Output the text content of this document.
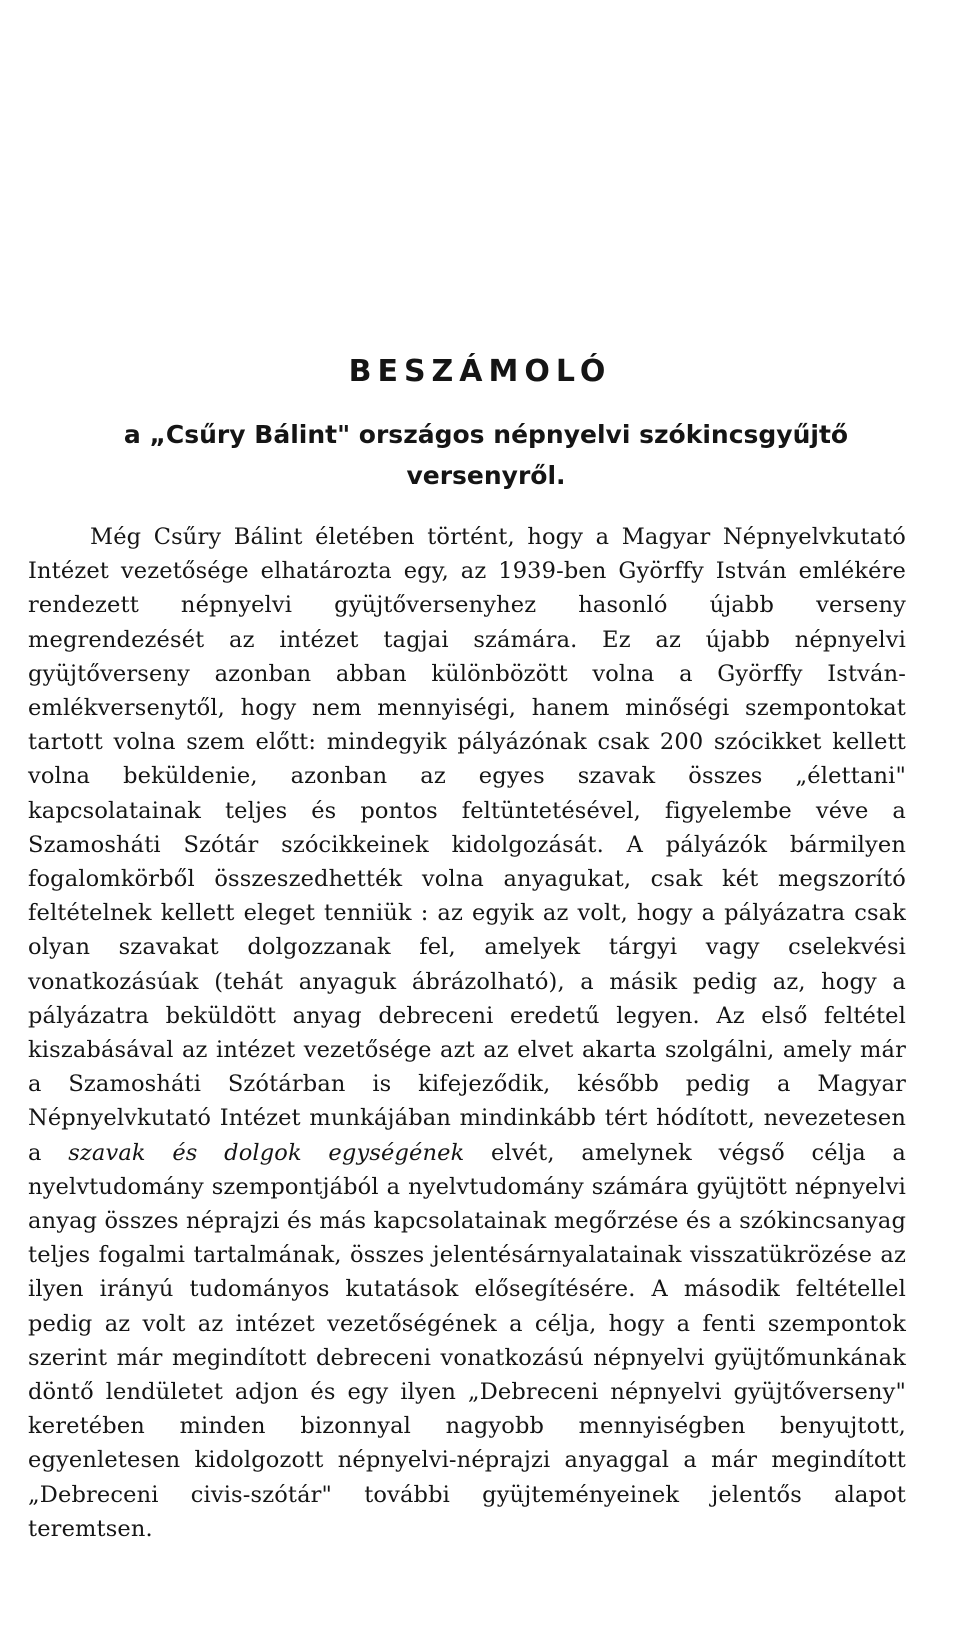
BESZÁMOLÓ
a „Csűry Bálint" országos népnyelvi szókincsgyűjtő versenyről.

Még Csűry Bálint életében történt, hogy a Magyar Népnyelvkutató Intézet vezetősége elhatározta egy, az 1939-ben Györffy István emlékére rendezett népnyelvi gyüjtőversenyhez hasonló újabb verseny megrendezését az intézet tagjai számára. Ez az újabb népnyelvi gyüjtőverseny azonban abban különbözött volna a Györffy István-emlékversenytől, hogy nem mennyiségi, hanem minőségi szempontokat tartott volna szem előtt: mindegyik pályázónak csak 200 szócikket kellett volna beküldenie, azonban az egyes szavak összes „élettani" kapcsolatainak teljes és pontos feltüntetésével, figyelembe véve a Szamosháti Szótár szócikkeinek kidolgozását. A pályázók bármilyen fogalomkörből összeszedhették volna anyagukat, csak két megszorító feltételnek kellett eleget tenniük : az egyik az volt, hogy a pályázatra csak olyan szavakat dolgozzanak fel, amelyek tárgyi vagy cselekvési vonatkozásúak (tehát anyaguk ábrázolható), a másik pedig az, hogy a pályázatra beküldött anyag debreceni eredetű legyen. Az első feltétel kiszabásával az intézet vezetősége azt az elvet akarta szolgálni, amely már a Szamosháti Szótárban is kifejeződik, később pedig a Magyar Népnyelvkutató Intézet munkájában mindinkább tért hódított, nevezetesen a szavak és dolgok egységének elvét, amelynek végső célja a nyelvtudomány szempontjából a nyelvtudomány számára gyüjtött népnyelvi anyag összes néprajzi és más kapcsolatainak megőrzése és a szókincsanyag teljes fogalmi tartalmának, összes jelentésárnyalatainak visszatükrözése az ilyen irányú tudományos kutatások elősegítésére. A második feltétellel pedig az volt az intézet vezetőségének a célja, hogy a fenti szempontok szerint már megindított debreceni vonatkozású népnyelvi gyüjtőmunkának döntő lendületet adjon és egy ilyen „Debreceni népnyelvi gyüjtőverseny" keretében minden bizonnyal nagyobb mennyiségben benyujtott, egyenletesen kidolgozott népnyelvi-néprajzi anyaggal a már megindított „Debreceni civis-szótár" további gyüjteményeinek jelentős alapot teremtsen.
